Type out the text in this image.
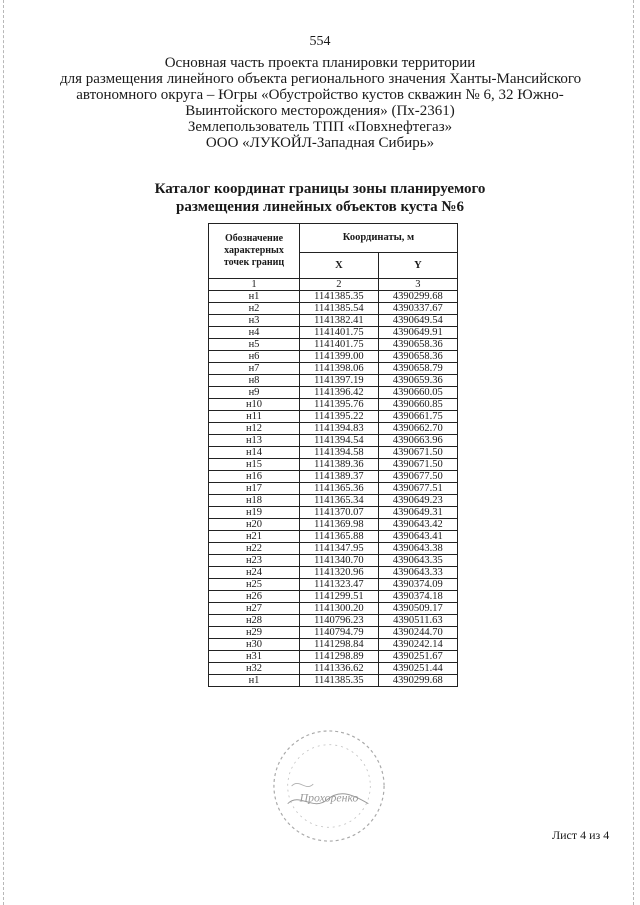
554
Основная часть проекта планировки территории
для размещения линейного объекта регионального значения Ханты-Мансийского
автономного округа – Югры «Обустройство кустов скважин № 6, 32 Южно-
Выинтойского месторождения» (Пх-2361)
Землепользователь ТПП «Повхнефтегаз»
ООО «ЛУКОЙЛ-Западная Сибирь»
Каталог координат границы зоны планируемого
размещения линейных объектов куста №6
Обозначение характерных точек границ	Координаты, м	
	X	Y
1	2	3
н1	1141385.35	4390299.68
н2	1141385.54	4390337.67
н3	1141382.41	4390649.54
н4	1141401.75	4390649.91
н5	1141401.75	4390658.36
н6	1141399.00	4390658.36
н7	1141398.06	4390658.79
н8	1141397.19	4390659.36
н9	1141396.42	4390660.05
н10	1141395.76	4390660.85
н11	1141395.22	4390661.75
н12	1141394.83	4390662.70
н13	1141394.54	4390663.96
н14	1141394.58	4390671.50
н15	1141389.36	4390671.50
н16	1141389.37	4390677.50
н17	1141365.36	4390677.51
н18	1141365.34	4390649.23
н19	1141370.07	4390649.31
н20	1141369.98	4390643.42
н21	1141365.88	4390643.41
н22	1141347.95	4390643.38
н23	1141340.70	4390643.35
н24	1141320.96	4390643.33
н25	1141323.47	4390374.09
н26	1141299.51	4390374.18
н27	1141300.20	4390509.17
н28	1140796.23	4390511.63
н29	1140794.79	4390244.70
н30	1141298.84	4390242.14
н31	1141298.89	4390251.67
н32	1141336.62	4390251.44
н1	1141385.35	4390299.68
Прохоренко
Лист 4 из 4
